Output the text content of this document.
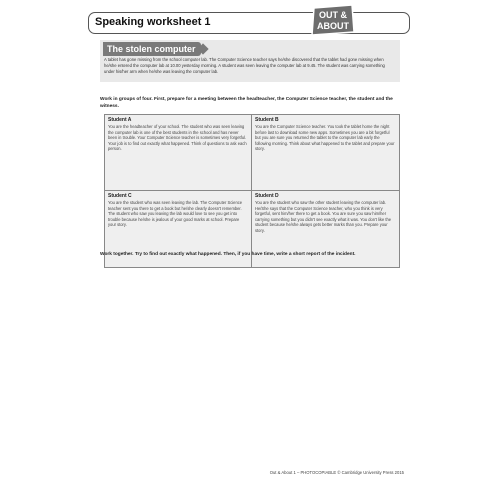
Speaking worksheet 1
OUT &
ABOUT
The stolen computer
A tablet has gone missing from the school computer lab. The Computer Science teacher says he/she discovered that the tablet had gone missing when he/she entered the computer lab at 10.00 yesterday morning. A student was seen leaving the computer lab at 9.45. The student was carrying something under his/her arm when he/she was leaving the computer lab.
Work in groups of four. First, prepare for a meeting between the headteacher, the Computer Science teacher, the student and the witness.
Student A
You are the headteacher of your school. The student who was seen leaving the computer lab is one of the best students in the school and has never been in trouble. Your Computer Science teacher is sometimes very forgetful. Your job is to find out exactly what happened. Think of questions to ask each person.
Student B
You are the Computer Science teacher. You took the tablet home the night before last to download some new apps. Sometimes you are a bit forgetful but you are sure you returned the tablet to the computer lab early the following morning. Think about what happened to the tablet and prepare your story.
Student C
You are the student who was seen leaving the lab. The Computer Science teacher sent you there to get a book but he/she clearly doesn't remember. The student who saw you leaving the lab would love to see you get into trouble because he/she is jealous of your good marks at school. Prepare your story.
Student D
You are the student who saw the other student leaving the computer lab. He/She says that the Computer Science teacher, who you think is very forgetful, sent him/her there to get a book. You are sure you saw him/her carrying something but you didn't see exactly what it was. You don't like the student because he/she always gets better marks than you. Prepare your story.
Work together. Try to find out exactly what happened. Then, if you have time, write a short report of the incident.
Out & About 1 – PHOTOCOPIABLE © Cambridge University Press 2015
